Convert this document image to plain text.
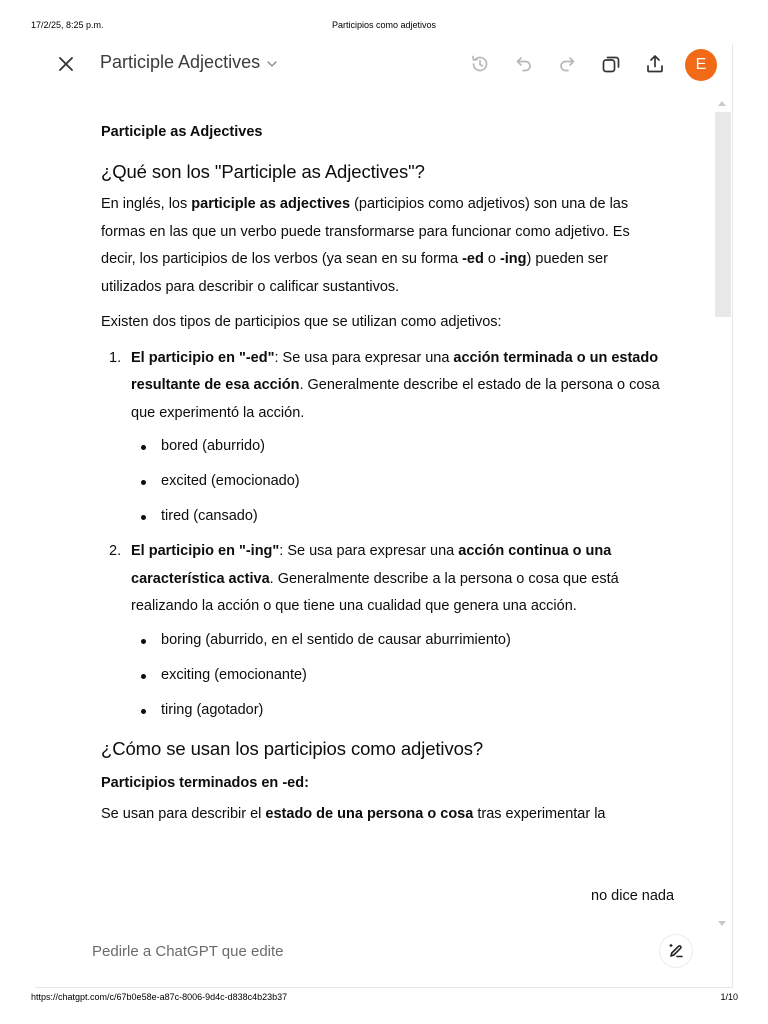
17/2/25, 8:25 p.m.	Participios como adjetivos
Participle Adjectives	E
Participle as Adjectives
¿Qué son los "Participle as Adjectives"?

En inglés, los participle as adjectives (participios como adjetivos) son una de las formas en las que un verbo puede transformarse para funcionar como adjetivo. Es decir, los participios de los verbos (ya sean en su forma -ed o -ing) pueden ser utilizados para describir o calificar sustantivos.

Existen dos tipos de participios que se utilizan como adjetivos:

1. El participio en "-ed": Se usa para expresar una acción terminada o un estado resultante de esa acción. Generalmente describe el estado de la persona o cosa que experimentó la acción.
bored (aburrido)
excited (emocionado)
tired (cansado)
2. El participio en "-ing": Se usa para expresar una acción continua o una característica activa. Generalmente describe a la persona o cosa que está realizando la acción o que tiene una cualidad que genera una acción.
boring (aburrido, en el sentido de causar aburrimiento)
exciting (emocionante)
tiring (agotador)
¿Cómo se usan los participios como adjetivos?
Participios terminados en -ed:

Se usan para describir el estado de una persona o cosa tras experimentar la

no dice nada
Pedirle a ChatGPT que edite
https://chatgpt.com/c/67b0e58e-a87c-8006-9d4c-d838c4b23b37	1/10
